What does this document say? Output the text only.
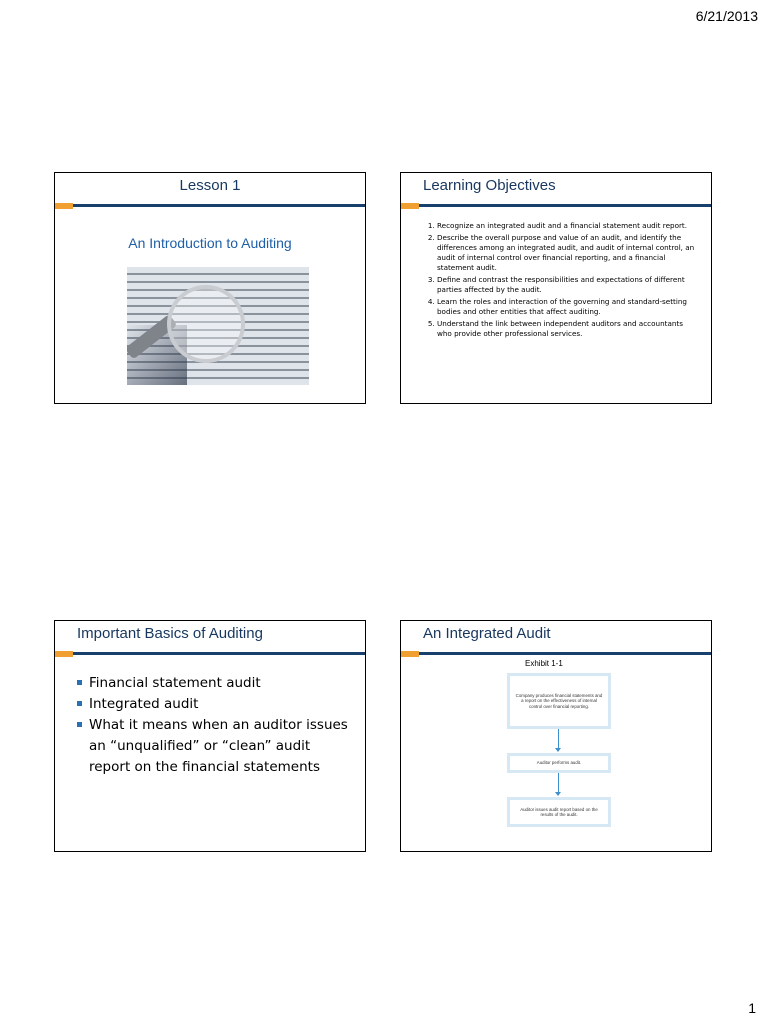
6/21/2013
Lesson 1
An Introduction to Auditing
Learning Objectives
1. Recognize an integrated audit and a financial statement audit report.
2. Describe the overall purpose and value of an audit, and identify the differences among an integrated audit, and audit of internal control, an audit of internal control over financial reporting, and a financial statement audit.
3. Define and contrast the responsibilities and expectations of different parties affected by the audit.
4. Learn the roles and interaction of the governing and standard-setting bodies and other entities that affect auditing.
5. Understand the link between independent auditors and accountants who provide other professional services.
Important Basics of Auditing
Financial statement audit
Integrated audit
What it means when an auditor issues an “unqualified” or “clean” audit report on the financial statements
An Integrated Audit
Exhibit 1-1
Company produces financial statements and a report on the effectiveness of internal control over financial reporting.
Auditor performs audit.
Auditor issues audit report based on the results of the audit.
1
